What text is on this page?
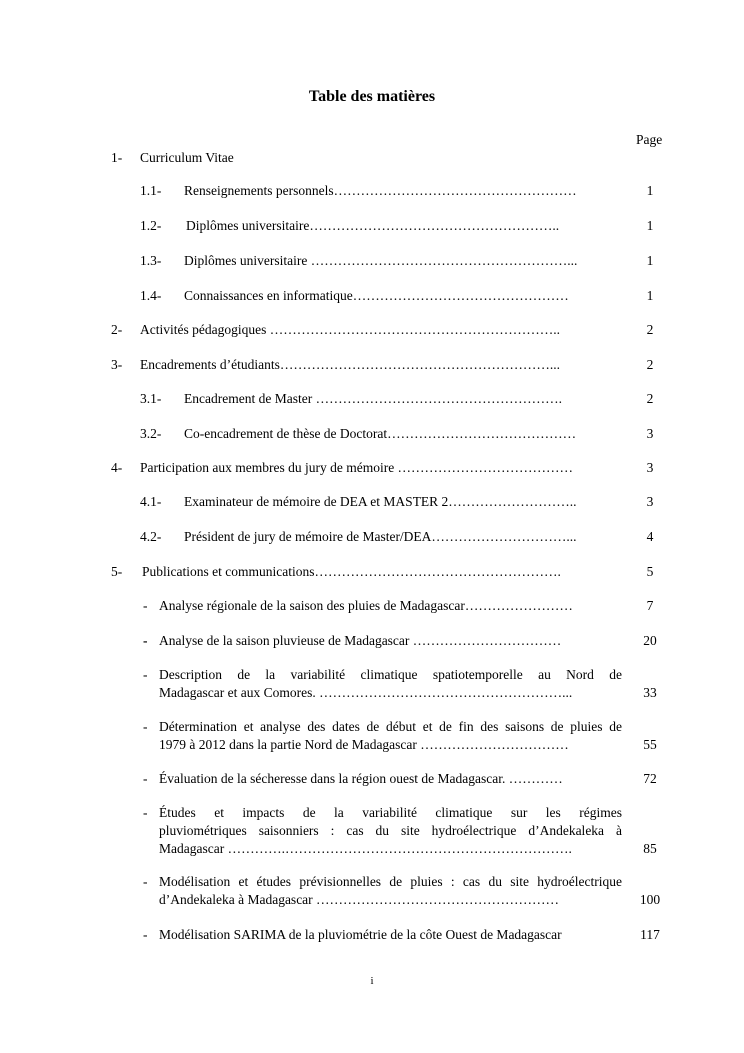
Table des matières
Page
1- Curriculum Vitae
1.1- Renseignements personnels………………………………………………	1
1.2- Diplômes universitaire………………………………………………..	1
1.3- Diplômes universitaire …………………………………………………...	1
1.4- Connaissances en informatique…………………………………………	1
2- Activités pédagogiques ………………………………………………………..	2
3- Encadrements d’étudiants……………………………………………………...	2
3.1- Encadrement de Master ……………………………………………….	2
3.2- Co-encadrement de thèse de Doctorat……………………………………	3
4- Participation aux membres du jury de mémoire …………………………………	3
4.1- Examinateur de mémoire de DEA et MASTER 2………………………..	3
4.2- Président de jury de mémoire de Master/DEA…………………………...	4
5- Publications et communications……………………………………………….	5
- Analyse régionale de la saison des pluies de Madagascar……………………	7
- Analyse de la saison pluvieuse de Madagascar ……………………………	20
- Description de la variabilité climatique spatiotemporelle au Nord de
Madagascar et aux Comores. ………………………………………………...	33
- Détermination et analyse des dates de début et de fin des saisons de pluies de
1979 à 2012 dans la partie Nord de Madagascar ……………………………	55
- Évaluation de la sécheresse dans la région ouest de Madagascar. …………	72
- Études et impacts de la variabilité climatique sur les régimes
pluviométriques saisonniers : cas du site hydroélectrique d’Andekaleka à
Madagascar ………….……………………………………………………….	85
- Modélisation et études prévisionnelles de pluies : cas du site hydroélectrique
d’Andekaleka à Madagascar ………………………………………………	100
- Modélisation SARIMA de la pluviométrie de la côte Ouest de Madagascar	117
i
